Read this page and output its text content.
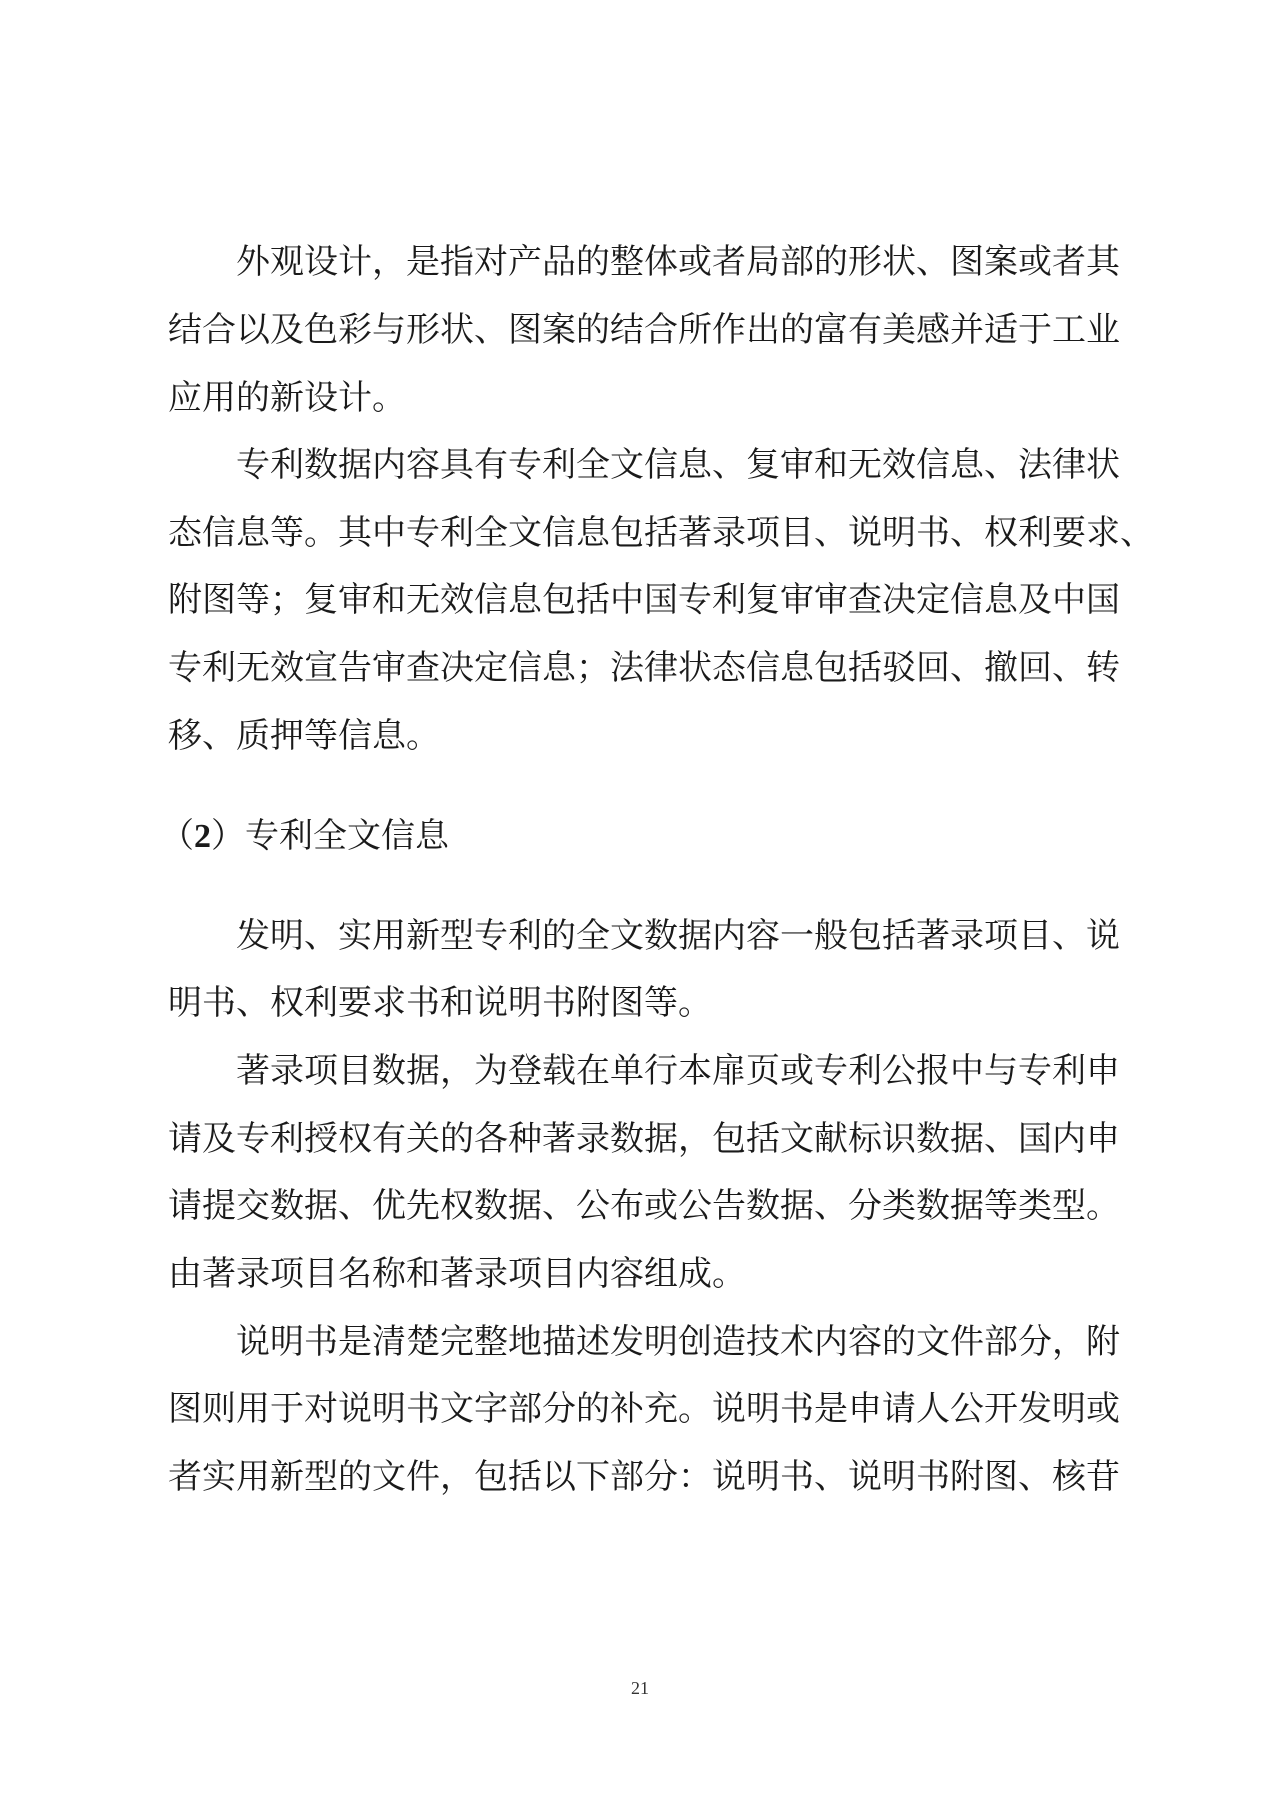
外观设计，是指对产品的整体或者局部的形状、图案或者其
结合以及色彩与形状、图案的结合所作出的富有美感并适于工业
应用的新设计。
专利数据内容具有专利全文信息、复审和无效信息、法律状
态信息等。其中专利全文信息包括著录项目、说明书、权利要求、
附图等；复审和无效信息包括中国专利复审审查决定信息及中国
专利无效宣告审查决定信息；法律状态信息包括驳回、撤回、转
移、质押等信息。
（2）专利全文信息
发明、实用新型专利的全文数据内容一般包括著录项目、说
明书、权利要求书和说明书附图等。
著录项目数据，为登载在单行本扉页或专利公报中与专利申
请及专利授权有关的各种著录数据，包括文献标识数据、国内申
请提交数据、优先权数据、公布或公告数据、分类数据等类型。
由著录项目名称和著录项目内容组成。
说明书是清楚完整地描述发明创造技术内容的文件部分，附
图则用于对说明书文字部分的补充。说明书是申请人公开发明或
者实用新型的文件，包括以下部分：说明书、说明书附图、核苷
21
